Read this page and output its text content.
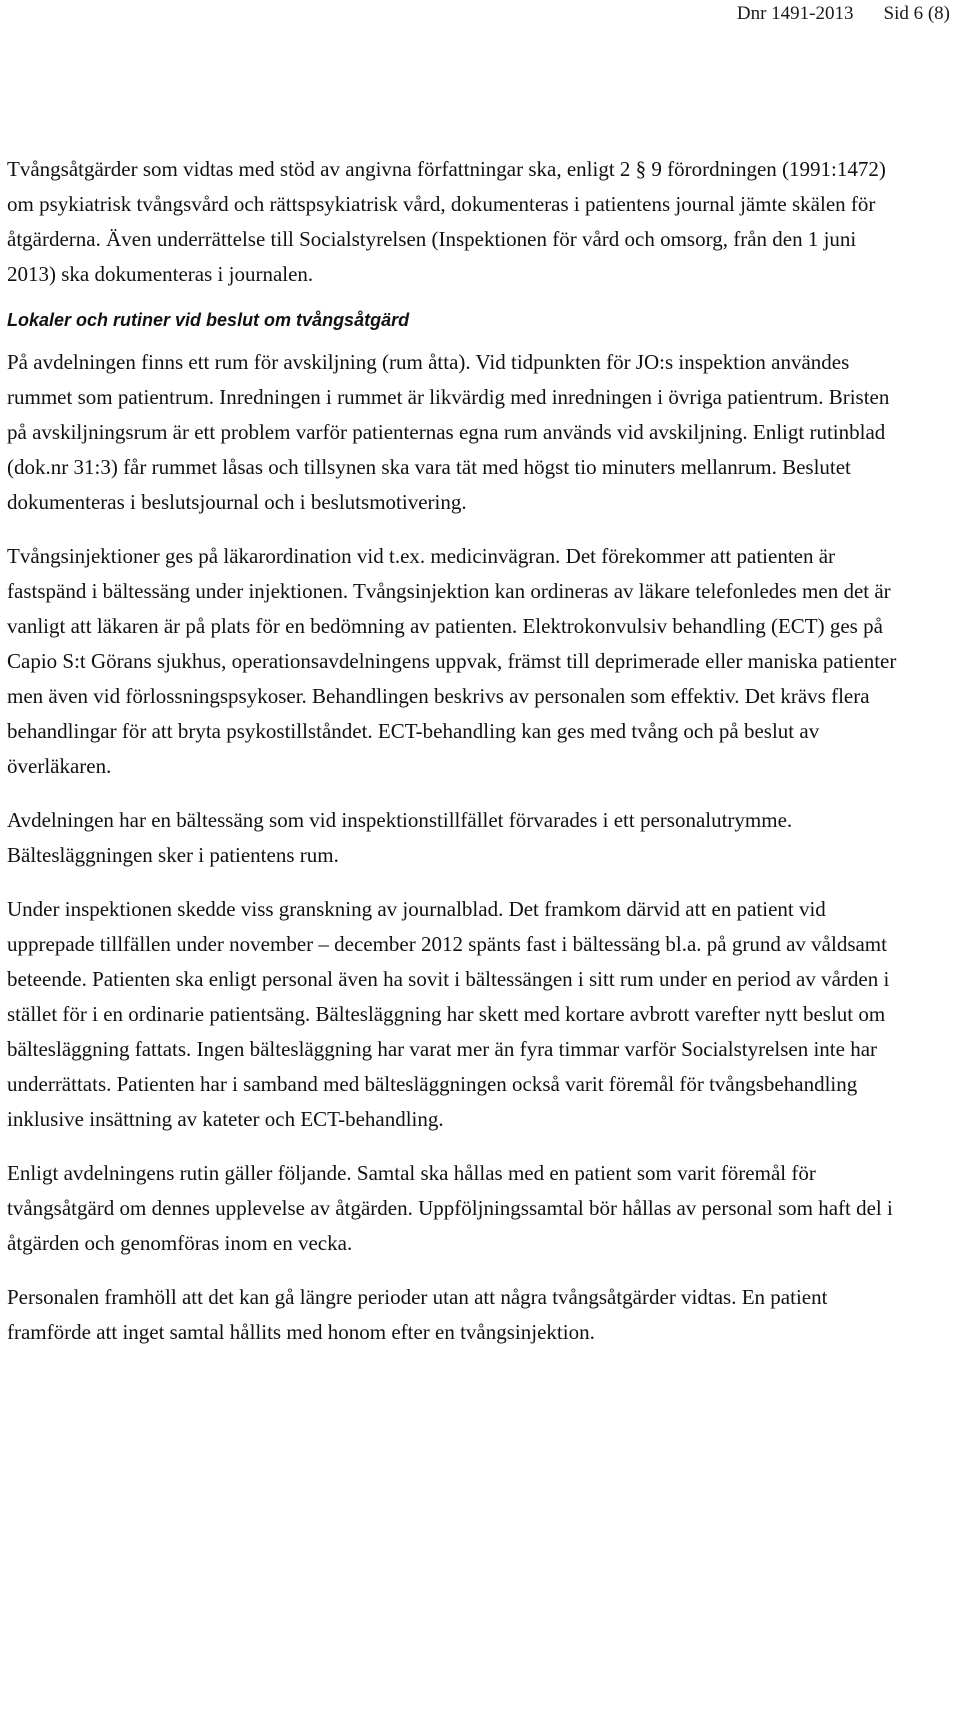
Dnr 1491-2013 Sid 6 (8)

Tvångsåtgärder som vidtas med stöd av angivna författningar ska, enligt 2 § 9 förordningen (1991:1472) om psykiatrisk tvångsvård och rättspsykiatrisk vård, dokumenteras i patientens journal jämte skälen för åtgärderna. Även underrättelse till Socialstyrelsen (Inspektionen för vård och omsorg, från den 1 juni 2013) ska dokumenteras i journalen.

Lokaler och rutiner vid beslut om tvångsåtgärd

På avdelningen finns ett rum för avskiljning (rum åtta). Vid tidpunkten för JO:s inspektion användes rummet som patientrum. Inredningen i rummet är likvärdig med inredningen i övriga patientrum. Bristen på avskiljningsrum är ett problem varför patienternas egna rum används vid avskiljning. Enligt rutinblad (dok.nr 31:3) får rummet låsas och tillsynen ska vara tät med högst tio minuters mellanrum. Beslutet dokumenteras i beslutsjournal och i beslutsmotivering.

Tvångsinjektioner ges på läkarordination vid t.ex. medicinvägran. Det förekommer att patienten är fastspänd i bältessäng under injektionen. Tvångsinjektion kan ordineras av läkare telefonledes men det är vanligt att läkaren är på plats för en bedömning av patienten. Elektrokonvulsiv behandling (ECT) ges på Capio S:t Görans sjukhus, operationsavdelningens uppvak, främst till deprimerade eller maniska patienter men även vid förlossningspsykoser. Behandlingen beskrivs av personalen som effektiv. Det krävs flera behandlingar för att bryta psykostillståndet. ECT-behandling kan ges med tvång och på beslut av överläkaren.

Avdelningen har en bältessäng som vid inspektionstillfället förvarades i ett personalutrymme. Bältesläggningen sker i patientens rum.

Under inspektionen skedde viss granskning av journalblad. Det framkom därvid att en patient vid upprepade tillfällen under november – december 2012 spänts fast i bältessäng bl.a. på grund av våldsamt beteende. Patienten ska enligt personal även ha sovit i bältessängen i sitt rum under en period av vården i stället för i en ordinarie patientsäng. Bältesläggning har skett med kortare avbrott varefter nytt beslut om bältesläggning fattats. Ingen bältesläggning har varat mer än fyra timmar varför Socialstyrelsen inte har underrättats. Patienten har i samband med bältesläggningen också varit föremål för tvångsbehandling inklusive insättning av kateter och ECT-behandling.

Enligt avdelningens rutin gäller följande. Samtal ska hållas med en patient som varit föremål för tvångsåtgärd om dennes upplevelse av åtgärden. Uppföljningssamtal bör hållas av personal som haft del i åtgärden och genomföras inom en vecka.

Personalen framhöll att det kan gå längre perioder utan att några tvångsåtgärder vidtas. En patient framförde att inget samtal hållits med honom efter en tvångsinjektion.
